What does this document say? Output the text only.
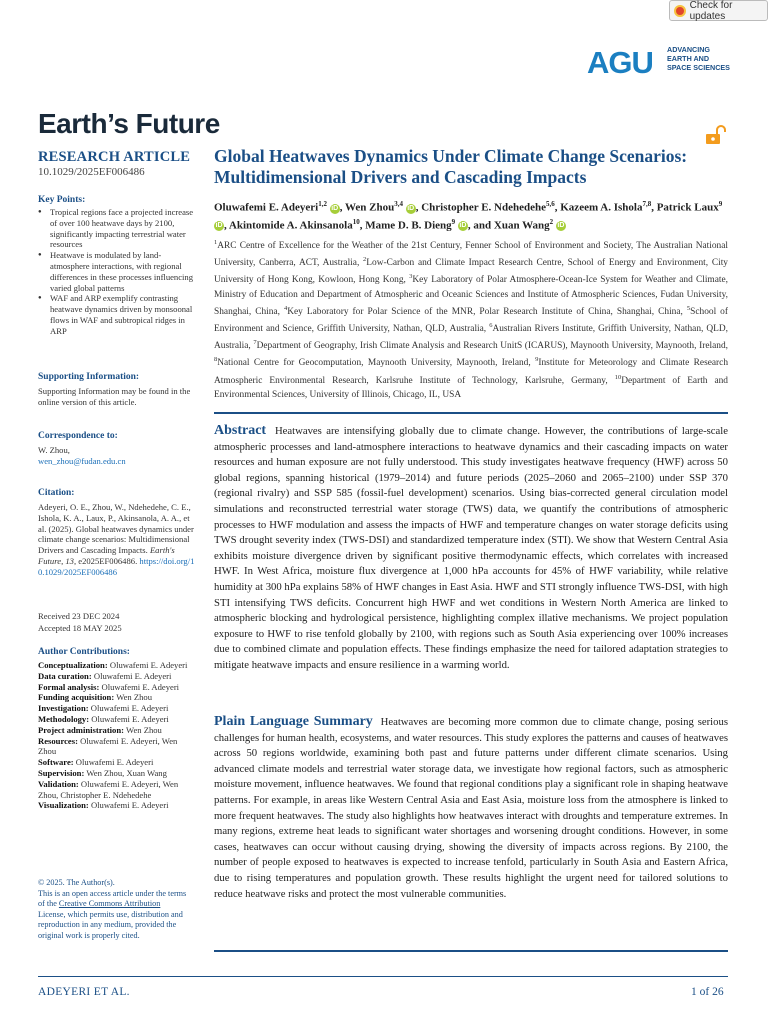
Check for updates
AGU ADVANCING
EARTH AND
SPACE SCIENCES
Earth’s Future
RESEARCH ARTICLE
10.1029/2025EF006486
Key Points:
● Tropical regions face a projected increase of over 100 heatwave days by 2100, significantly impacting terrestrial water resources
● Heatwave is modulated by land-atmosphere interactions, with regional differences in these processes influencing varied global patterns
● WAF and ARP exemplify contrasting heatwave dynamics driven by monsoonal flows in WAF and subtropical ridges in ARP
Supporting Information:
Supporting Information may be found in the online version of this article.
Correspondence to:
W. Zhou,
wen_zhou@fudan.edu.cn
Citation:
Adeyeri, O. E., Zhou, W., Ndehedehe, C. E., Ishola, K. A., Laux, P., Akinsanola, A. A., et al. (2025). Global heatwaves dynamics under climate change scenarios: Multidimensional Drivers and Cascading Impacts. Earth's Future, 13, e2025EF006486. https://doi.org/10.1029/2025EF006486
Received 23 DEC 2024
Accepted 18 MAY 2025
Author Contributions:
Conceptualization: Oluwafemi E. Adeyeri
Data curation: Oluwafemi E. Adeyeri
Formal analysis: Oluwafemi E. Adeyeri
Funding acquisition: Wen Zhou
Investigation: Oluwafemi E. Adeyeri
Methodology: Oluwafemi E. Adeyeri
Project administration: Wen Zhou
Resources: Oluwafemi E. Adeyeri, Wen Zhou
Software: Oluwafemi E. Adeyeri
Supervision: Wen Zhou, Xuan Wang
Validation: Oluwafemi E. Adeyeri, Wen Zhou, Christopher E. Ndehedehe
Visualization: Oluwafemi E. Adeyeri
© 2025. The Author(s).
This is an open access article under the terms of the Creative Commons Attribution License, which permits use, distribution and reproduction in any medium, provided the original work is properly cited.
Global Heatwaves Dynamics Under Climate Change Scenarios: Multidimensional Drivers and Cascading Impacts
Oluwafemi E. Adeyeri$^{1,2}$ iD , Wen Zhou$^{3,4}$ iD , Christopher E. Ndehedehe$^{5,6}$, Kazeem A. Ishola$^{7,8}$, Patrick Laux$^9$ iD , Akintomide A. Akinsanola$^{10}$, Mame D. B. Dieng$^9$ iD , and Xuan Wang$^2$ iD
$^1$ARC Centre of Excellence for the Weather of the 21st Century, Fenner School of Environment and Society, The Australian National University, Canberra, ACT, Australia, $^2$Low-Carbon and Climate Impact Research Centre, School of Energy and Environment, City University of Hong Kong, Kowloon, Hong Kong, $^3$Key Laboratory of Polar Atmosphere-Ocean-Ice System for Weather and Climate, Ministry of Education and Department of Atmospheric and Oceanic Sciences and Institute of Atmospheric Sciences, Fudan University, Shanghai, China, $^4$Key Laboratory for Polar Science of the MNR, Polar Research Institute of China, Shanghai, China, $^5$School of Environment and Science, Griffith University, Nathan, QLD, Australia, $^6$Australian Rivers Institute, Griffith University, Nathan, QLD, Australia, $^7$Department of Geography, Irish Climate Analysis and Research UnitS (ICARUS), Maynooth University, Maynooth, Ireland, $^8$National Centre for Geocomputation, Maynooth University, Maynooth, Ireland, $^9$Institute for Meteorology and Climate Research Atmospheric Environmental Research, Karlsruhe Institute of Technology, Karlsruhe, Germany, $^{10}$Department of Earth and Environmental Sciences, University of Illinois, Chicago, IL, USA
Abstract Heatwaves are intensifying globally due to climate change. However, the contributions of large-scale atmospheric processes and land-atmosphere interactions to heatwave dynamics and their cascading impacts on water resources and human exposure are not fully understood. This study investigates heatwave frequency (HWF) across 50 global regions, spanning historical (1979–2014) and future periods (2025–2060 and 2065–2100) under SSP 370 (regional rivalry) and SSP 585 (fossil-fuel development) scenarios. Using bias-corrected general circulation model simulations and reconstructed terrestrial water storage (TWS) data, we quantify the contributions of atmospheric processes to HWF modulation and assess the impacts of HWF and temperature changes on water storage deficits using TWS drought severity index (TWS-DSI) and standardized temperature index (STI). We show that Western Central Asia exhibits moisture divergence driven by significant positive thermodynamic effects, which correlates with increased HWF. In West Africa, moisture flux divergence at 1,000 hPa accounts for 45% of HWF variability, while relative humidity at 300 hPa explains 58% of HWF changes in East Asia. HWF and STI strongly influence TWS-DSI, with high STI intensifying TWS deficits. Concurrent high HWF and wet conditions in Western North America are linked to atmospheric blocking and hydrological persistence, highlighting complex illative mechanisms. We project population exposure to HWF to rise tenfold globally by 2100, with regions such as South Asia experiencing over 100% increases due to combined climate and population effects. These findings emphasize the need for tailored adaptation strategies to mitigate heatwave impacts and ensure resilience in a warming world.
Plain Language Summary Heatwaves are becoming more common due to climate change, posing serious challenges for human health, ecosystems, and water resources. This study explores the patterns and causes of heatwaves across 50 regions worldwide, examining both past and future patterns under different climate scenarios. Using advanced climate models and terrestrial water storage data, we investigate how regional factors, such as atmospheric moisture movement, influence heatwaves. We found that regional conditions play a significant role in shaping heatwave patterns. For example, in areas like Western Central Asia and East Asia, moisture loss from the atmosphere is linked to more frequent heatwaves. The study also highlights how heatwaves interact with droughts and temperature extremes. In many regions, extreme heat leads to significant water shortages and worsening drought conditions. However, in some cases, heatwaves can occur without causing drying, showing the diversity of impacts across regions. By 2100, the number of people exposed to heatwaves is expected to increase tenfold, particularly in South Asia and Eastern Africa, due to rising temperatures and population growth. These results highlight the urgent need for tailored solutions to reduce heatwave risks and protect the most vulnerable communities.
ADEYERI ET AL.	1 of 26
